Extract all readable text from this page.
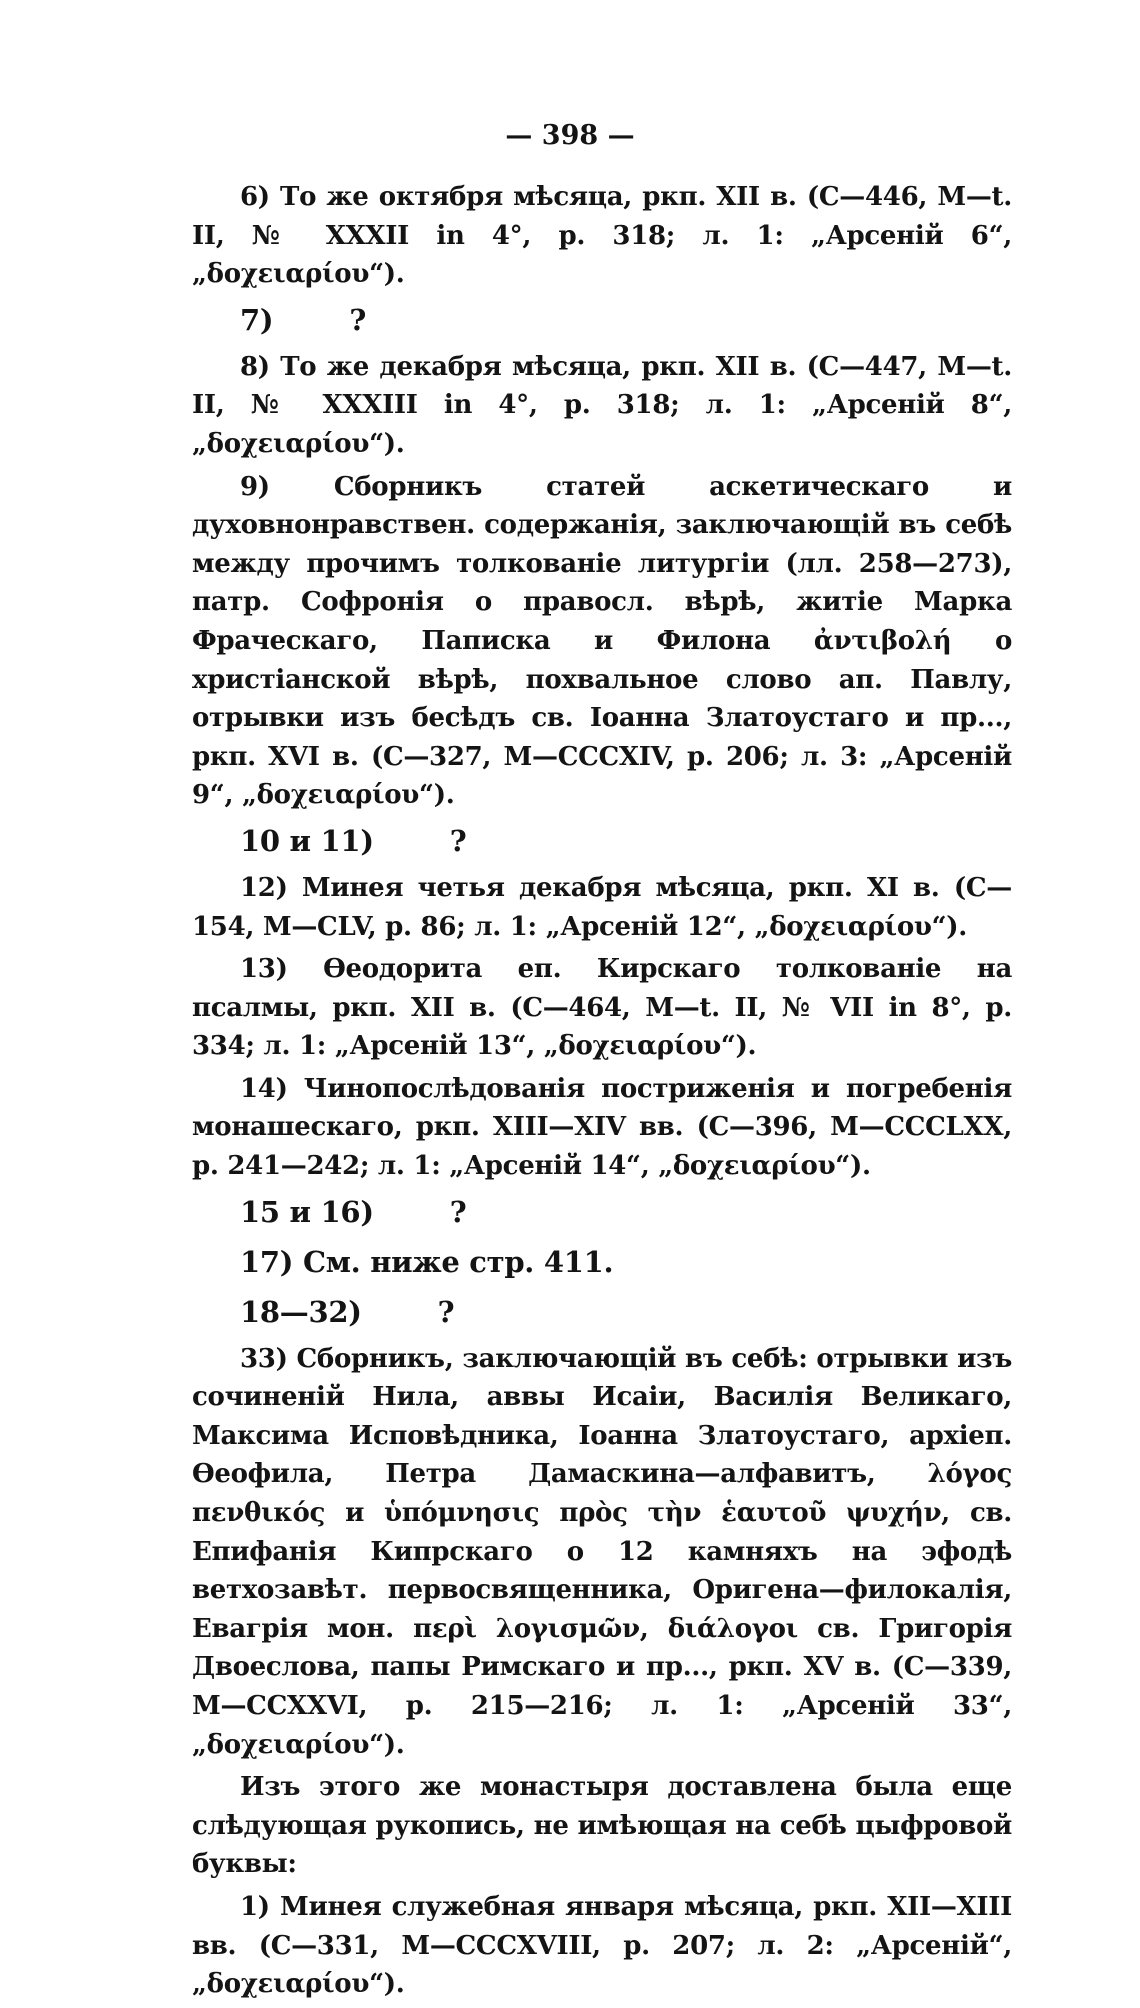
— 398 —

6) То же октября мѣсяца, ркп. XII в. (С—446, M—t. II, № XXXII in 4°, p. 318; л. 1: „Арсеній 6“, „δοχειαρίου“).

7)	?

8) То же декабря мѣсяца, ркп. XII в. (С—447, M—t. II, № XXXIII in 4°, p. 318; л. 1: „Арсеній 8“, „δοχειαρίου“).

9) Сборникъ статей аскетическаго и духовнонравствен. содержанія, заключающій въ себѣ между прочимъ толкованіе литургіи (лл. 258—273), патр. Софронія о правосл. вѣрѣ, житіе Марка Фраческаго, Паписка и Филона ἀντιβολή о христіанской вѣрѣ, похвальное слово ап. Павлу, отрывки изъ бесѣдъ св. Іоанна Златоустаго и пр..., ркп. XVI в. (С—327, M—CCCXIV, p. 206; л. 3: „Арсеній 9“, „δοχειαρίου“).

10 и 11)	?

12) Минея четья декабря мѣсяца, ркп. XI в. (С—154, M—CLV, p. 86; л. 1: „Арсеній 12“, „δοχειαρίου“).

13) Ѳеодорита еп. Кирскаго толкованіе на псалмы, ркп. XII в. (С—464, M—t. II, № VII in 8°, p. 334; л. 1: „Арсеній 13“, „δοχειαρίου“).

14) Чинопослѣдованія постриженія и погребенія монашескаго, ркп. XIII—XIV вв. (С—396, M—CCCLXX, p. 241—242; л. 1: „Арсеній 14“, „δοχειαρίου“).

15 и 16)	?

17) См. ниже стр. 411.

18—32)	?

33) Сборникъ, заключающій въ себѣ: отрывки изъ сочиненій Нила, аввы Исаіи, Василія Великаго, Максима Исповѣдника, Іоанна Златоустаго, архіеп. Ѳеофила, Петра Дамаскина—алфавитъ, λόγος πενθικός и ὑπόμνησις πρὸς τὴν ἑαυτοῦ ψυχήν, св. Епифанія Кипрскаго о 12 камняхъ на эфодѣ ветхозавѣт. первосвященника, Оригена—филокалія, Евагрія мон. περὶ λογισμῶν, διάλογοι св. Григорія Двоеслова, папы Римскаго и пр..., ркп. XV в. (С—339, M—CCXXVI, p. 215—216; л. 1: „Арсеній 33“, „δοχειαρίου“).

Изъ этого же монастыря доставлена была еще слѣдующая рукопись, не имѣющая на себѣ цыфровой буквы:

1) Минея служебная января мѣсяца, ркп. XII—XIII вв. (С—331, M—CCCXVIII, p. 207; л. 2: „Арсеній“, „δοχειαρίου“).
